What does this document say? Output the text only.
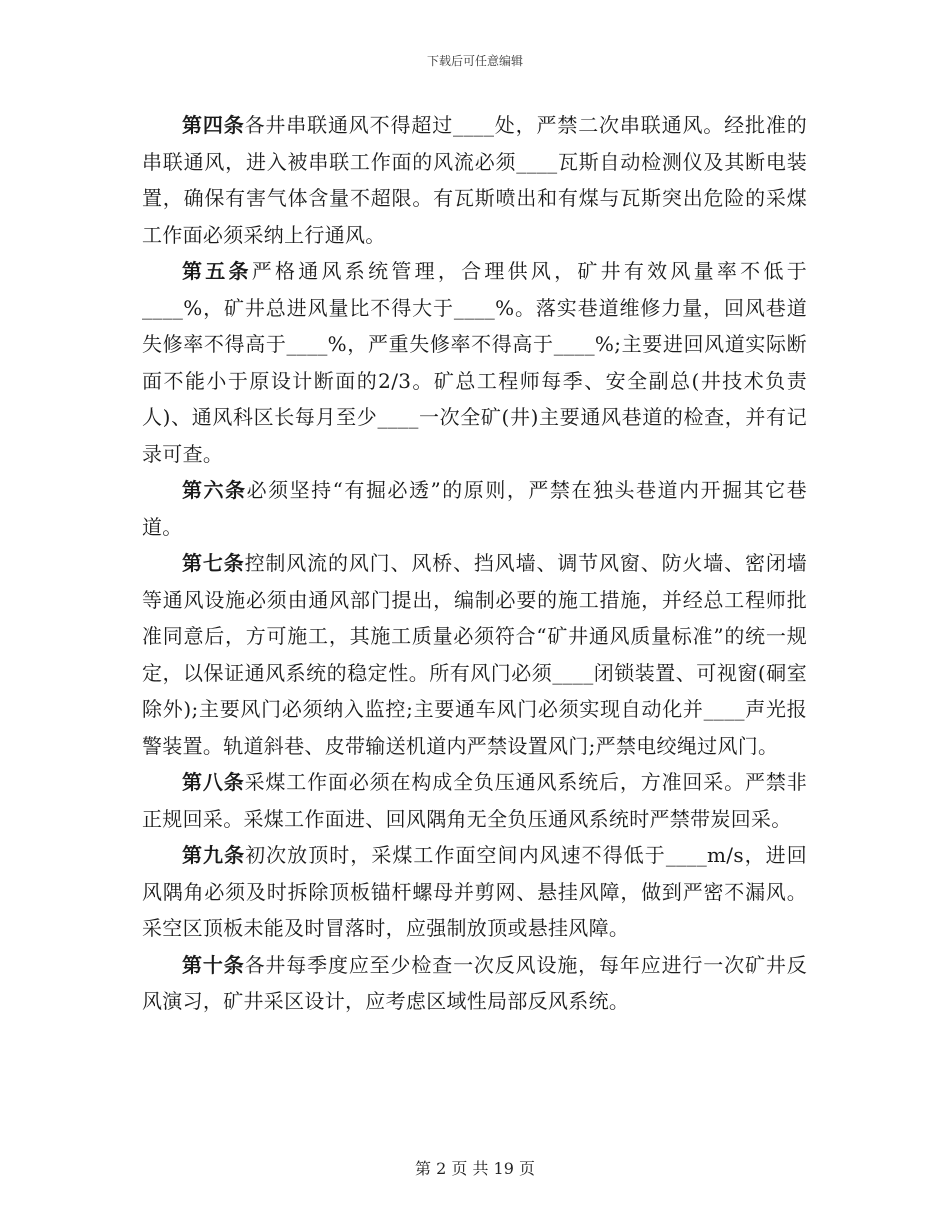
下载后可任意编辑

第四条各井串联通风不得超过____处，严禁二次串联通风。经批准的串联通风，进入被串联工作面的风流必须____瓦斯自动检测仪及其断电装置，确保有害气体含量不超限。有瓦斯喷出和有煤与瓦斯突出危险的采煤工作面必须采纳上行通风。

第五条严格通风系统管理，合理供风，矿井有效风量率不低于____%，矿井总进风量比不得大于____%。落实巷道维修力量，回风巷道失修率不得高于____%，严重失修率不得高于____%;主要进回风道实际断面不能小于原设计断面的2/3。矿总工程师每季、安全副总(井技术负责人)、通风科区长每月至少____一次全矿(井)主要通风巷道的检查，并有记录可查。

第六条必须坚持“有掘必透”的原则，严禁在独头巷道内开掘其它巷道。

第七条控制风流的风门、风桥、挡风墙、调节风窗、防火墙、密闭墙等通风设施必须由通风部门提出，编制必要的施工措施，并经总工程师批准同意后，方可施工，其施工质量必须符合“矿井通风质量标准”的统一规定，以保证通风系统的稳定性。所有风门必须____闭锁装置、可视窗(硐室除外);主要风门必须纳入监控;主要通车风门必须实现自动化并____声光报警装置。轨道斜巷、皮带输送机道内严禁设置风门;严禁电绞绳过风门。

第八条采煤工作面必须在构成全负压通风系统后，方准回采。严禁非正规回采。采煤工作面进、回风隅角无全负压通风系统时严禁带炭回采。

第九条初次放顶时，采煤工作面空间内风速不得低于____m/s，进回风隅角必须及时拆除顶板锚杆螺母并剪网、悬挂风障，做到严密不漏风。采空区顶板未能及时冒落时，应强制放顶或悬挂风障。

第十条各井每季度应至少检查一次反风设施，每年应进行一次矿井反风演习，矿井采区设计，应考虑区域性局部反风系统。

第 2 页 共 19 页
